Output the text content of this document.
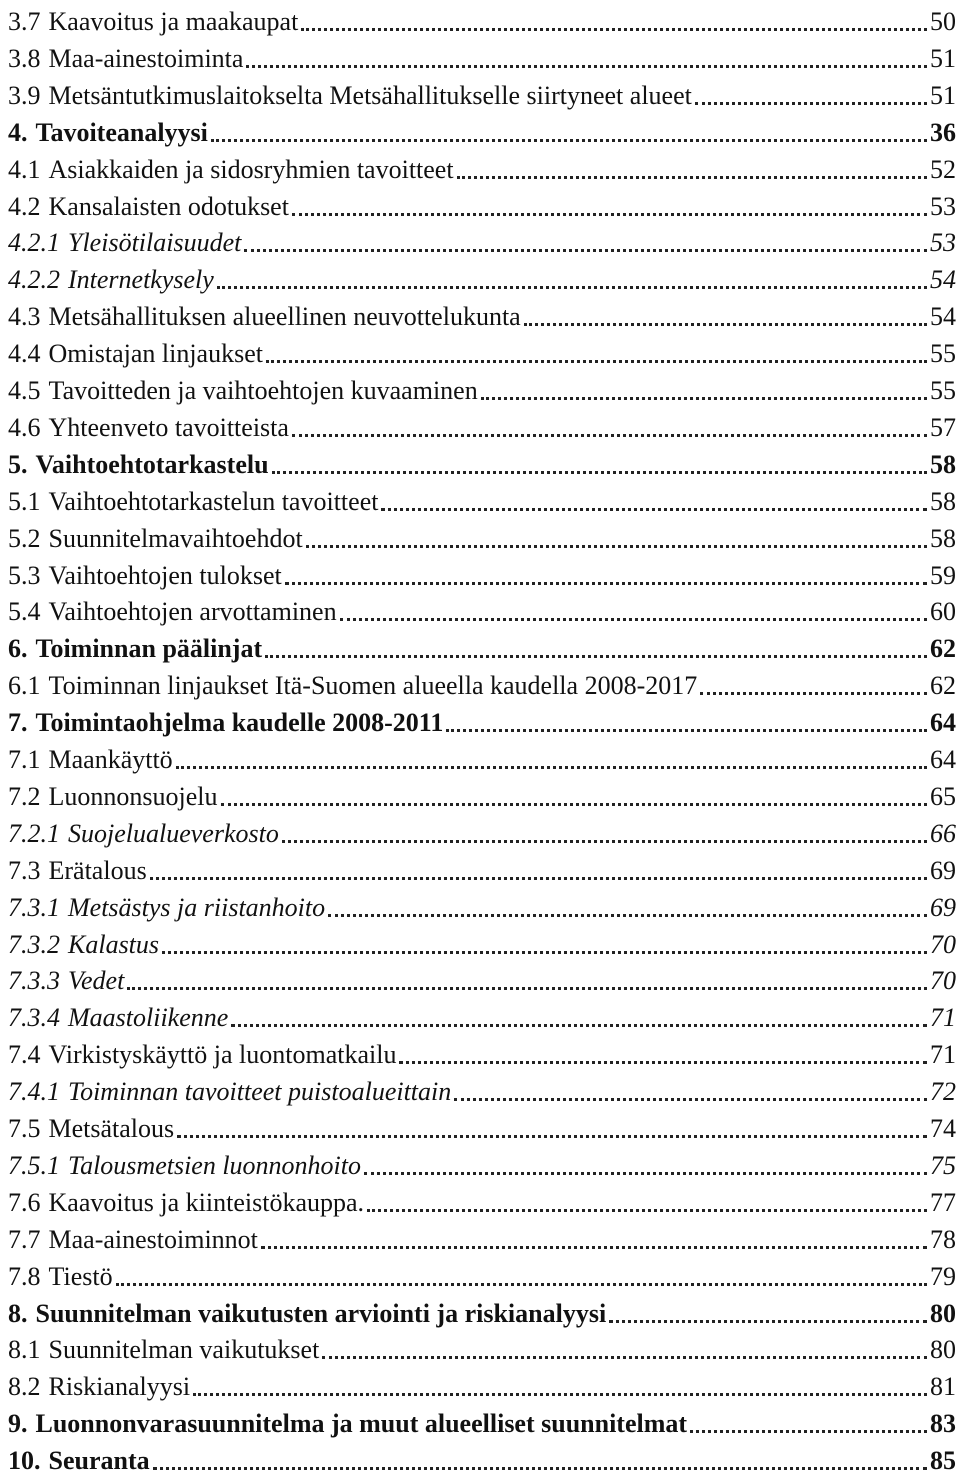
3.7 Kaavoitus ja maakaupat	50
3.8 Maa-ainestoiminta	51
3.9 Metsäntutkimuslaitokselta Metsähallitukselle siirtyneet alueet	51
4. Tavoiteanalyysi	36
4.1 Asiakkaiden ja sidosryhmien tavoitteet	52
4.2 Kansalaisten odotukset	53
4.2.1 Yleisötilaisuudet	53
4.2.2 Internetkysely	54
4.3 Metsähallituksen alueellinen neuvottelukunta	54
4.4 Omistajan linjaukset	55
4.5 Tavoitteden ja vaihtoehtojen kuvaaminen	55
4.6 Yhteenveto tavoitteista	57
5. Vaihtoehtotarkastelu	58
5.1 Vaihtoehtotarkastelun tavoitteet	58
5.2 Suunnitelmavaihtoehdot	58
5.3 Vaihtoehtojen tulokset	59
5.4 Vaihtoehtojen arvottaminen	60
6. Toiminnan päälinjat	62
6.1 Toiminnan linjaukset Itä-Suomen alueella kaudella 2008-2017	62
7. Toimintaohjelma kaudelle 2008-2011	64
7.1 Maankäyttö	64
7.2 Luonnonsuojelu	65
7.2.1 Suojelualueverkosto	66
7.3 Erätalous	69
7.3.1 Metsästys ja riistanhoito	69
7.3.2 Kalastus	70
7.3.3 Vedet	70
7.3.4 Maastoliikenne	71
7.4 Virkistyskäyttö ja luontomatkailu	71
7.4.1 Toiminnan tavoitteet puistoalueittain	72
7.5 Metsätalous	74
7.5.1 Talousmetsien luonnonhoito	75
7.6 Kaavoitus ja kiinteistökauppa.	77
7.7 Maa-ainestoiminnot	78
7.8 Tiestö	79
8. Suunnitelman vaikutusten arviointi ja riskianalyysi	80
8.1 Suunnitelman vaikutukset	80
8.2 Riskianalyysi	81
9. Luonnonvarasuunnitelma ja muut alueelliset suunnitelmat	83
10. Seuranta	85
